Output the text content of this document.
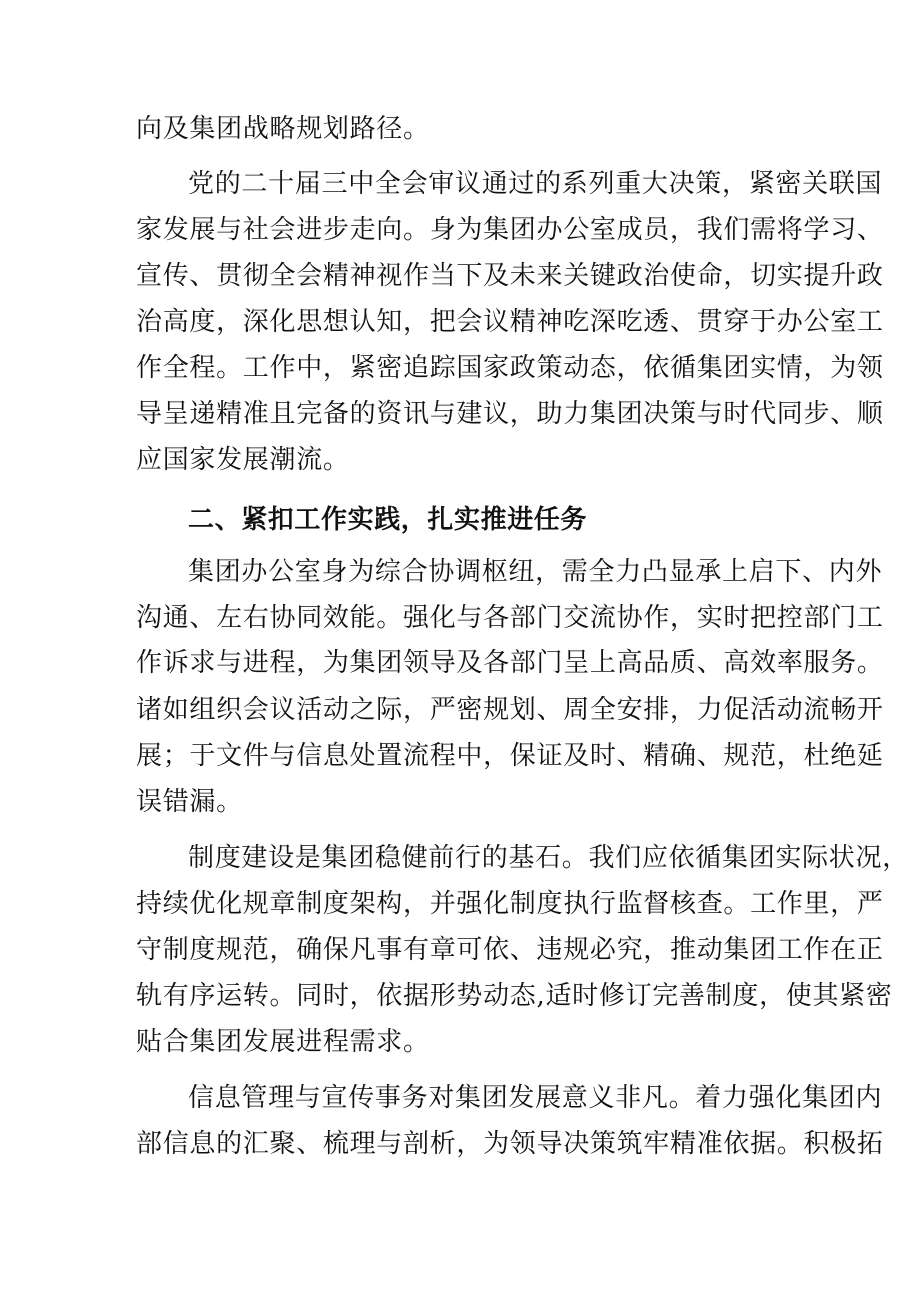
向及集团战略规划路径。
党的二十届三中全会审议通过的系列重大决策，紧密关联国
家发展与社会进步走向。身为集团办公室成员，我们需将学习、
宣传、贯彻全会精神视作当下及未来关键政治使命，切实提升政
治高度，深化思想认知，把会议精神吃深吃透、贯穿于办公室工
作全程。工作中，紧密追踪国家政策动态，依循集团实情，为领
导呈递精准且完备的资讯与建议，助力集团决策与时代同步、顺
应国家发展潮流。
二、紧扣工作实践，扎实推进任务
集团办公室身为综合协调枢纽，需全力凸显承上启下、内外
沟通、左右协同效能。强化与各部门交流协作，实时把控部门工
作诉求与进程，为集团领导及各部门呈上高品质、高效率服务。
诸如组织会议活动之际，严密规划、周全安排，力促活动流畅开
展；于文件与信息处置流程中，保证及时、精确、规范，杜绝延
误错漏。
制度建设是集团稳健前行的基石。我们应依循集团实际状况，
持续优化规章制度架构，并强化制度执行监督核查。工作里，严
守制度规范，确保凡事有章可依、违规必究，推动集团工作在正
轨有序运转。同时，依据形势动态,适时修订完善制度，使其紧密
贴合集团发展进程需求。
信息管理与宣传事务对集团发展意义非凡。着力强化集团内
部信息的汇聚、梳理与剖析，为领导决策筑牢精准依据。积极拓
